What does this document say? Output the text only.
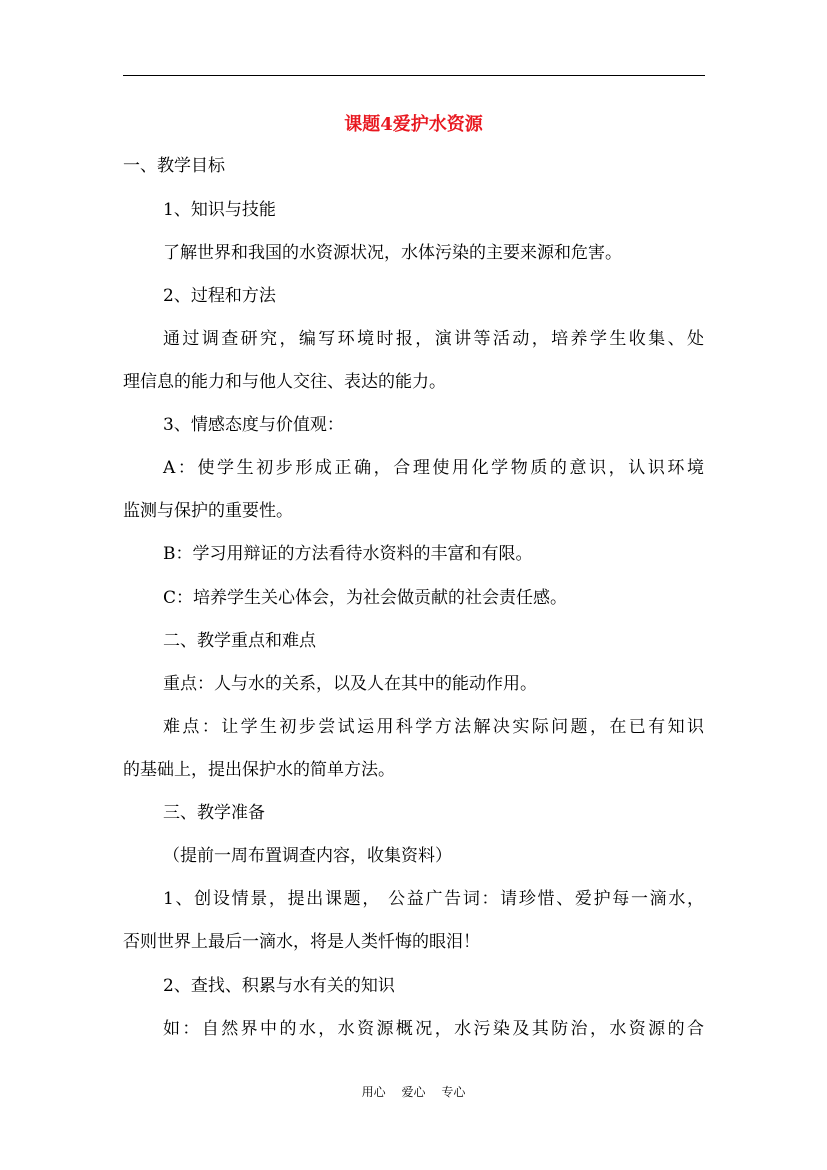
课题4爱护水资源
一、教学目标
1、知识与技能
了解世界和我国的水资源状况，水体污染的主要来源和危害。
2、过程和方法
通过调查研究，编写环境时报，演讲等活动，培养学生收集、处
理信息的能力和与他人交往、表达的能力。
3、情感态度与价值观：
A：使学生初步形成正确，合理使用化学物质的意识，认识环境
监测与保护的重要性。
B：学习用辩证的方法看待水资料的丰富和有限。
C：培养学生关心体会，为社会做贡献的社会责任感。
二、教学重点和难点
重点：人与水的关系，以及人在其中的能动作用。
难点：让学生初步尝试运用科学方法解决实际问题，在已有知识
的基础上，提出保护水的简单方法。
三、教学准备
（提前一周布置调查内容，收集资料）
1、创设情景，提出课题， 公益广告词：请珍惜、爱护每一滴水，
否则世界上最后一滴水，将是人类忏悔的眼泪！
2、查找、积累与水有关的知识
如：自然界中的水，水资源概况，水污染及其防治，水资源的合
用心 爱心 专心
